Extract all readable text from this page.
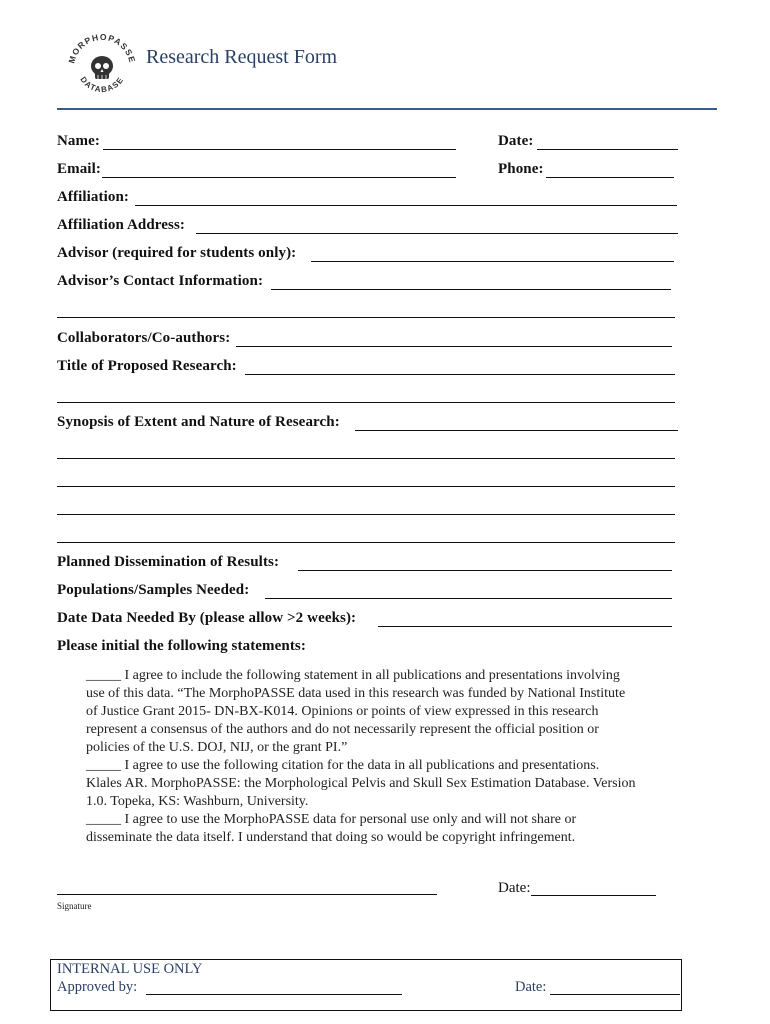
MORPHOPASSE
DATABASE
Research Request Form
Name:	Date:
Email:	Phone:
Affiliation:
Affiliation Address:
Advisor (required for students only):
Advisor’s Contact Information:
Collaborators/Co-authors:
Title of Proposed Research:
Synopsis of Extent and Nature of Research:
Planned Dissemination of Results:
Populations/Samples Needed:
Date Data Needed By (please allow >2 weeks):
Please initial the following statements:
_____ I agree to include the following statement in all publications and presentations involving
use of this data. “The MorphoPASSE data used in this research was funded by National Institute
of Justice Grant 2015- DN-BX-K014. Opinions or points of view expressed in this research
represent a consensus of the authors and do not necessarily represent the official position or
policies of the U.S. DOJ, NIJ, or the grant PI.”
_____ I agree to use the following citation for the data in all publications and presentations.
Klales AR. MorphoPASSE: the Morphological Pelvis and Skull Sex Estimation Database. Version
1.0. Topeka, KS: Washburn, University.
_____ I agree to use the MorphoPASSE data for personal use only and will not share or
disseminate the data itself. I understand that doing so would be copyright infringement.
Signature
Date:
INTERNAL USE ONLY
Approved by:	Date:
